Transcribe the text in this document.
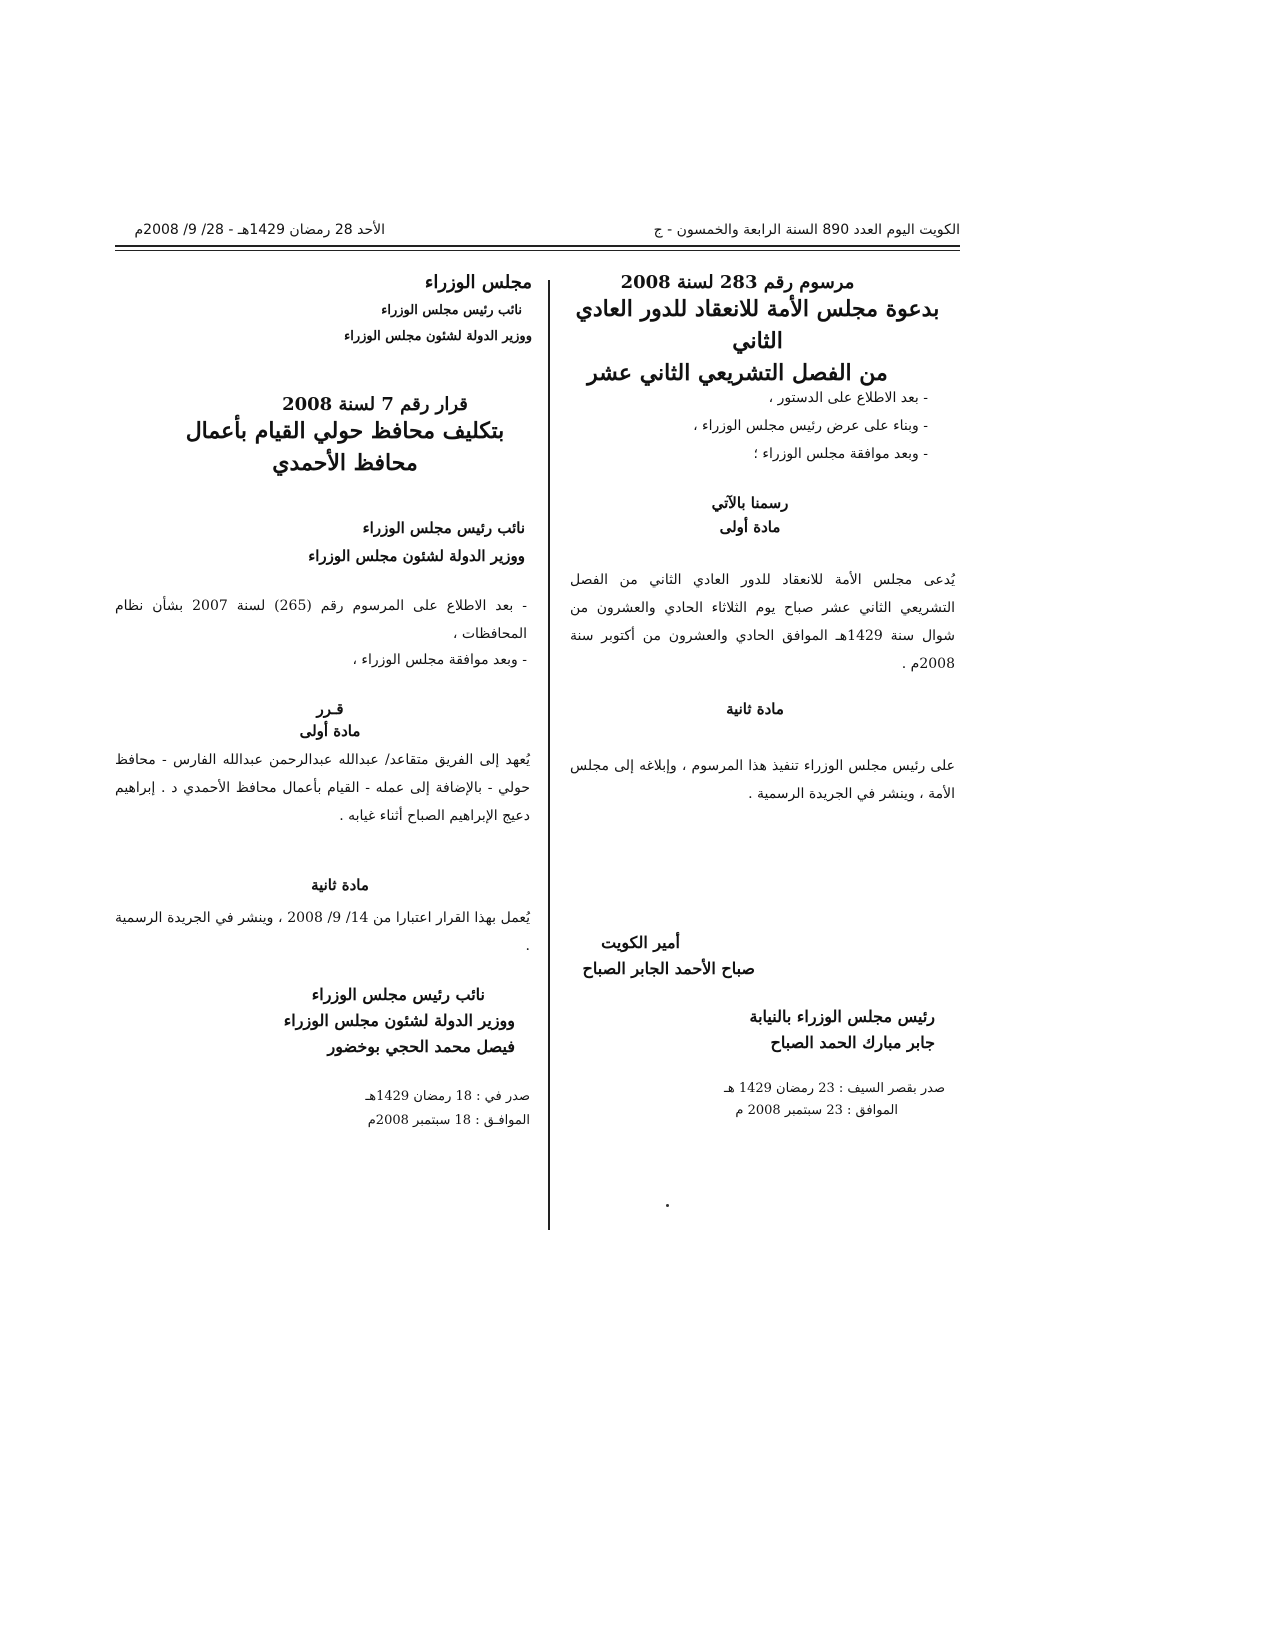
الكويت اليوم العدد 890 السنة الرابعة والخمسون - ج
الأحد 28 رمضان 1429هـ - 28/ 9/ 2008م
مرسوم رقم 283 لسنة 2008
بدعوة مجلس الأمة للانعقاد للدور العادي الثاني
من الفصل التشريعي الثاني عشر
- بعد الاطلاع على الدستور ،
- وبناء على عرض رئيس مجلس الوزراء ،
- وبعد موافقة مجلس الوزراء ؛
رسمنا بالآتي
مادة أولى
يُدعى مجلس الأمة للانعقاد للدور العادي الثاني من الفصل التشريعي الثاني عشر صباح يوم الثلاثاء الحادي والعشرون من شوال سنة 1429هـ الموافق الحادي والعشرون من أكتوبر سنة 2008م .
مادة ثانية
على رئيس مجلس الوزراء تنفيذ هذا المرسوم ، وإبلاغه إلى مجلس الأمة ، وينشر في الجريدة الرسمية .
أمير الكويت
صباح الأحمد الجابر الصباح
رئيس مجلس الوزراء بالنيابة
جابر مبارك الحمد الصباح
صدر بقصر السيف : 23 رمضان 1429 هـ
الموافق : 23 سبتمبر 2008 م
مجلس الوزراء
نائب رئيس مجلس الوزراء
ووزير الدولة لشئون مجلس الوزراء
قرار رقم 7 لسنة 2008
بتكليف محافظ حولي القيام بأعمال
محافظ الأحمدي
نائب رئيس مجلس الوزراء
ووزير الدولة لشئون مجلس الوزراء
- بعد الاطلاع على المرسوم رقم (265) لسنة 2007 بشأن نظام المحافظات ،
- وبعد موافقة مجلس الوزراء ،
قـرر
مادة أولى
يُعهد إلى الفريق متقاعد/ عبدالله عبدالرحمن عبدالله الفارس - محافظ حولي - بالإضافة إلى عمله - القيام بأعمال محافظ الأحمدي د . إبراهيم دعيج الإبراهيم الصباح أثناء غيابه .
مادة ثانية
يُعمل بهذا القرار اعتبارا من 14/ 9/ 2008 ، وينشر في الجريدة الرسمية .
نائب رئيس مجلس الوزراء
ووزير الدولة لشئون مجلس الوزراء
فيصل محمد الحجي بوخضور
صدر في : 18 رمضان 1429هـ
الموافـق : 18 سبتمبر 2008م
